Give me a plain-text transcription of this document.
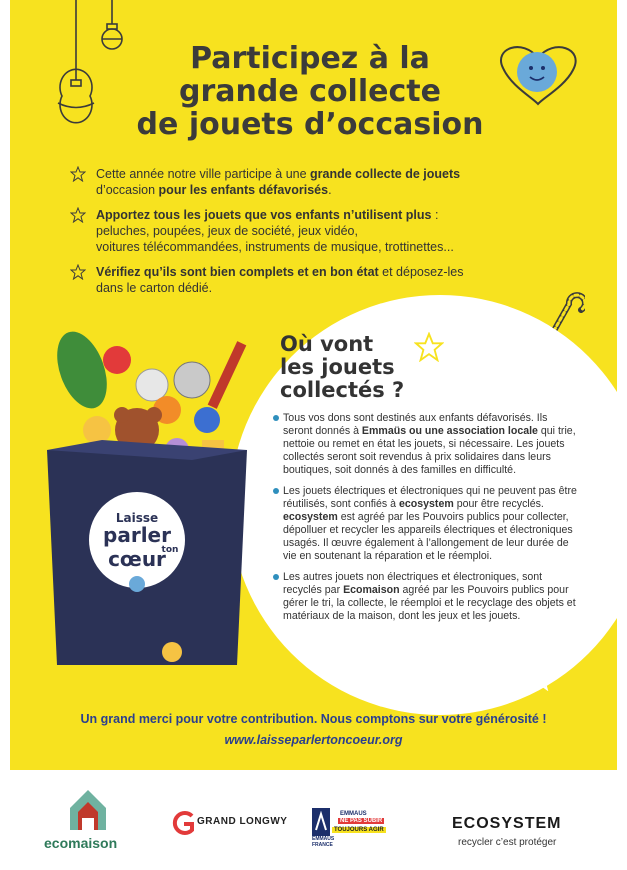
Participez à la
grande collecte
de jouets d’occasion
Cette année notre ville participe à une grande collecte de jouets
d’occasion pour les enfants défavorisés.
Apportez tous les jouets que vos enfants n’utilisent plus :
peluches, poupées, jeux de société, jeux vidéo,
voitures télécommandées, instruments de musique, trottinettes...
Vérifiez qu’ils sont bien complets et en bon état et déposez-les
dans le carton dédié.
Où vont
les jouets
collectés ?
Tous vos dons sont destinés aux enfants défavorisés. Ils seront donnés à Emmaüs ou une association locale qui trie, nettoie ou remet en état les jouets, si nécessaire. Les jouets collectés seront soit revendus à prix solidaires dans leurs boutiques, soit donnés à des familles en difficulté.
Les jouets électriques et électroniques qui ne peuvent pas être réutilisés, sont confiés à ecosystem pour être recyclés. ecosystem est agréé par les Pouvoirs publics pour collecter, dépolluer et recycler les appareils électriques et électroniques usagés. Il œuvre également à l’allongement de leur durée de vie en soutenant la réparation et le réemploi.
Les autres jouets non électriques et électroniques, sont recyclés par Ecomaison agréé par les Pouvoirs publics pour gérer le tri, la collecte, le réemploi et le recyclage des objets et matériaux de la maison, dont les jeux et les jouets.
Laisse
parler
ton
cœur
Un grand merci pour votre contribution. Nous comptons sur votre générosité !
www.laisseparlertoncoeur.org
ecomaison
GRAND LONGWY
EMMAUS
NE PAS SUBIR
TOUJOURS AGIR
EMMAUS FRANCE
ECOSYSTEM
recycler c’est protéger
